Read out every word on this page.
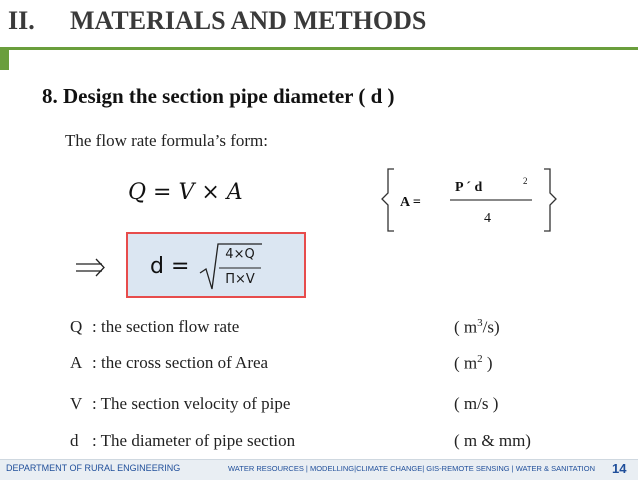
II. MATERIALS AND METHODS
8. Design the section pipe diameter ( d )
The flow rate formula’s form:
Q = V × A	A =
P ´ d	2
4
d =	4×Q
Π×V
Q : the section flow rate	( $m^3/s$)
A : the cross section of Area	( $m^2$ )
V : The section velocity of pipe	( m/s )
d : The diameter of pipe section	( m & mm)
DEPARTMENT OF RURAL ENGINEERING	WATER RESOURCES | MODELLING|CLIMATE CHANGE| GIS-REMOTE SENSING | WATER & SANITATION 14
